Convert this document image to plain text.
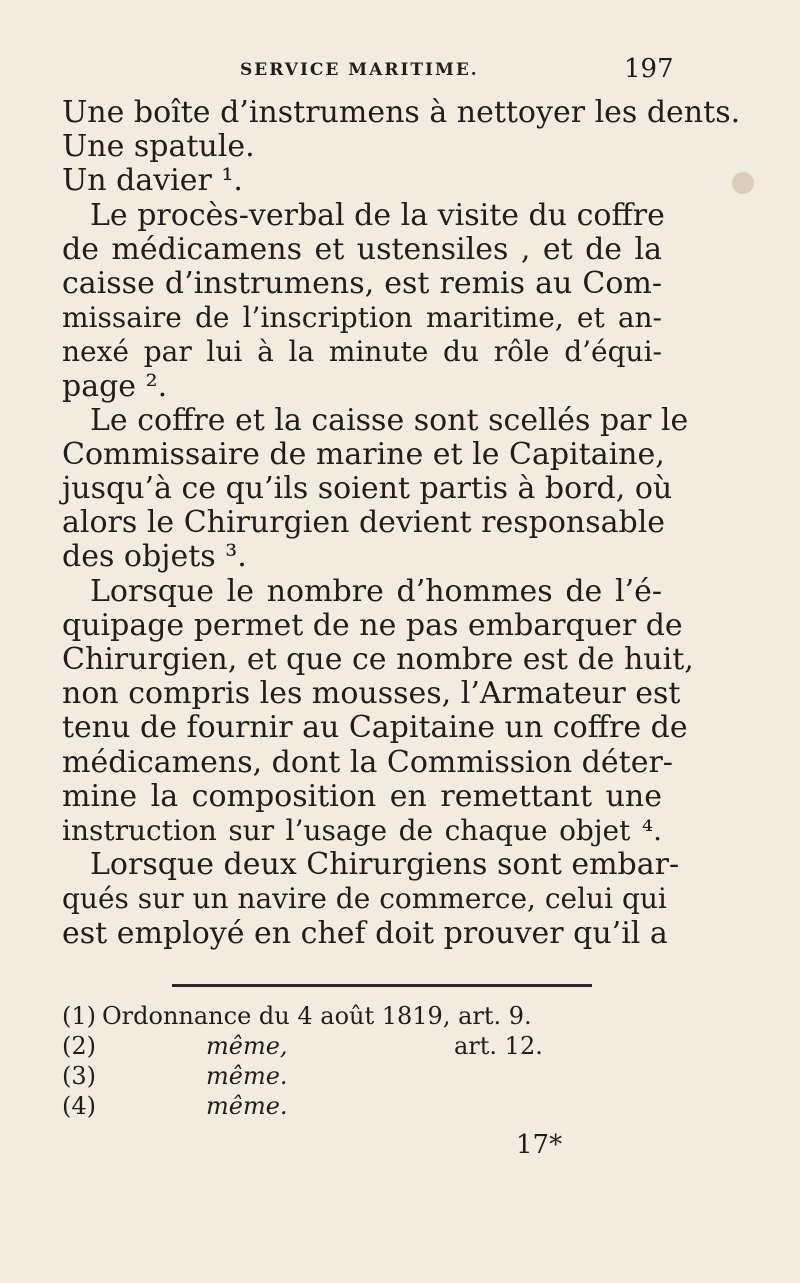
SERVICE MARITIME.	197
Une boîte d’instrumens à nettoyer les dents.
Une spatule.
Un davier ¹.
Le procès-verbal de la visite du coffre
de médicamens et ustensiles , et de la
caisse d’instrumens, est remis au Com-
missaire de l’inscription maritime, et an-
nexé par lui à la minute du rôle d’équi-
page ².
Le coffre et la caisse sont scellés par le
Commissaire de marine et le Capitaine,
jusqu’à ce qu’ils soient partis à bord, où
alors le Chirurgien devient responsable
des objets ³.
Lorsque le nombre d’hommes de l’é-
quipage permet de ne pas embarquer de
Chirurgien, et que ce nombre est de huit,
non compris les mousses, l’Armateur est
tenu de fournir au Capitaine un coffre de
médicamens, dont la Commission déter-
mine la composition en remettant une
instruction sur l’usage de chaque objet ⁴.
Lorsque deux Chirurgiens sont embar-
qués sur un navire de commerce, celui qui
est employé en chef doit prouver qu’il a
(1) Ordonnance du 4 août 1819, art. 9.
(2)	même,	art. 12.
(3)	même.
(4)	même.
17*
